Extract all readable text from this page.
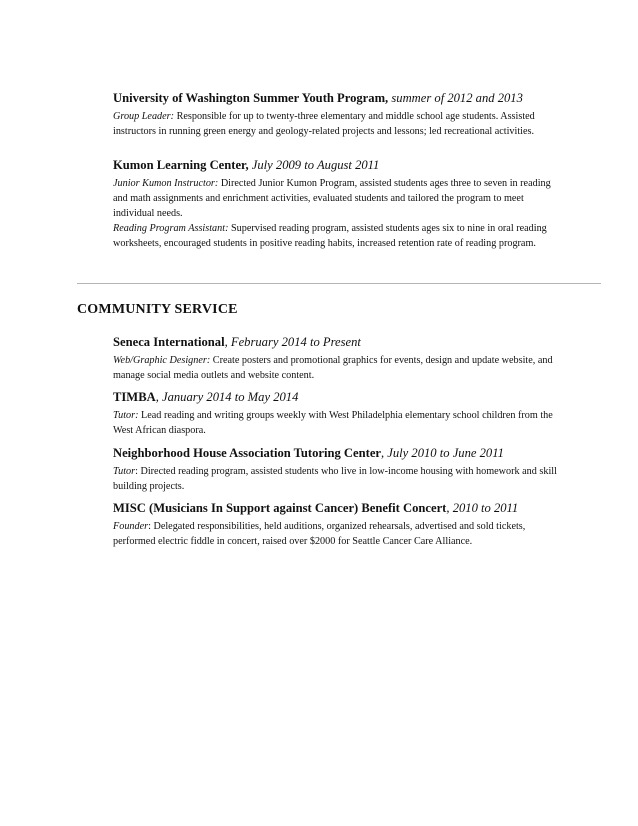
University of Washington Summer Youth Program, summer of 2012 and 2013
Group Leader: Responsible for up to twenty-three elementary and middle school age students. Assisted instructors in running green energy and geology-related projects and lessons; led recreational activities.
Kumon Learning Center, July 2009 to August 2011
Junior Kumon Instructor: Directed Junior Kumon Program, assisted students ages three to seven in reading and math assignments and enrichment activities, evaluated students and tailored the program to meet individual needs.
Reading Program Assistant: Supervised reading program, assisted students ages six to nine in oral reading worksheets, encouraged students in positive reading habits, increased retention rate of reading program.
COMMUNITY SERVICE
Seneca International, February 2014 to Present
Web/Graphic Designer: Create posters and promotional graphics for events, design and update website, and manage social media outlets and website content.
TIMBA, January 2014 to May 2014
Tutor: Lead reading and writing groups weekly with West Philadelphia elementary school children from the West African diaspora.
Neighborhood House Association Tutoring Center, July 2010 to June 2011
Tutor: Directed reading program, assisted students who live in low-income housing with homework and skill building projects.
MISC (Musicians In Support against Cancer) Benefit Concert, 2010 to 2011
Founder: Delegated responsibilities, held auditions, organized rehearsals, advertised and sold tickets, performed electric fiddle in concert, raised over $2000 for Seattle Cancer Care Alliance.
